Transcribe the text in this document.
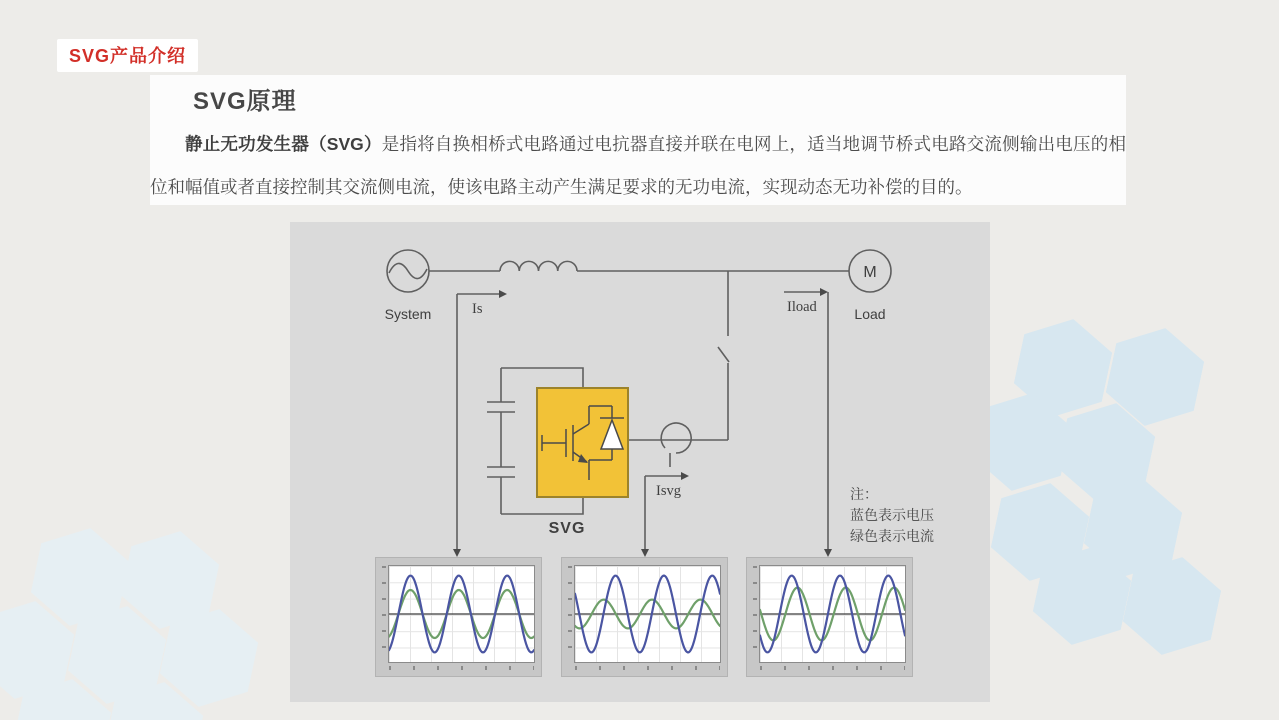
SVG产品介绍
SVG原理

静止无功发生器（SVG）是指将自换相桥式电路通过电抗器直接并联在电网上，适当地调节桥式电路交流侧输出电压的相位和幅值或者直接控制其交流侧电流，使该电路主动产生满足要求的无功电流，实现动态无功补偿的目的。

System
M
Load
SVG
Is
Isvg
Iload
注：
蓝色表示电压
绿色表示电流
